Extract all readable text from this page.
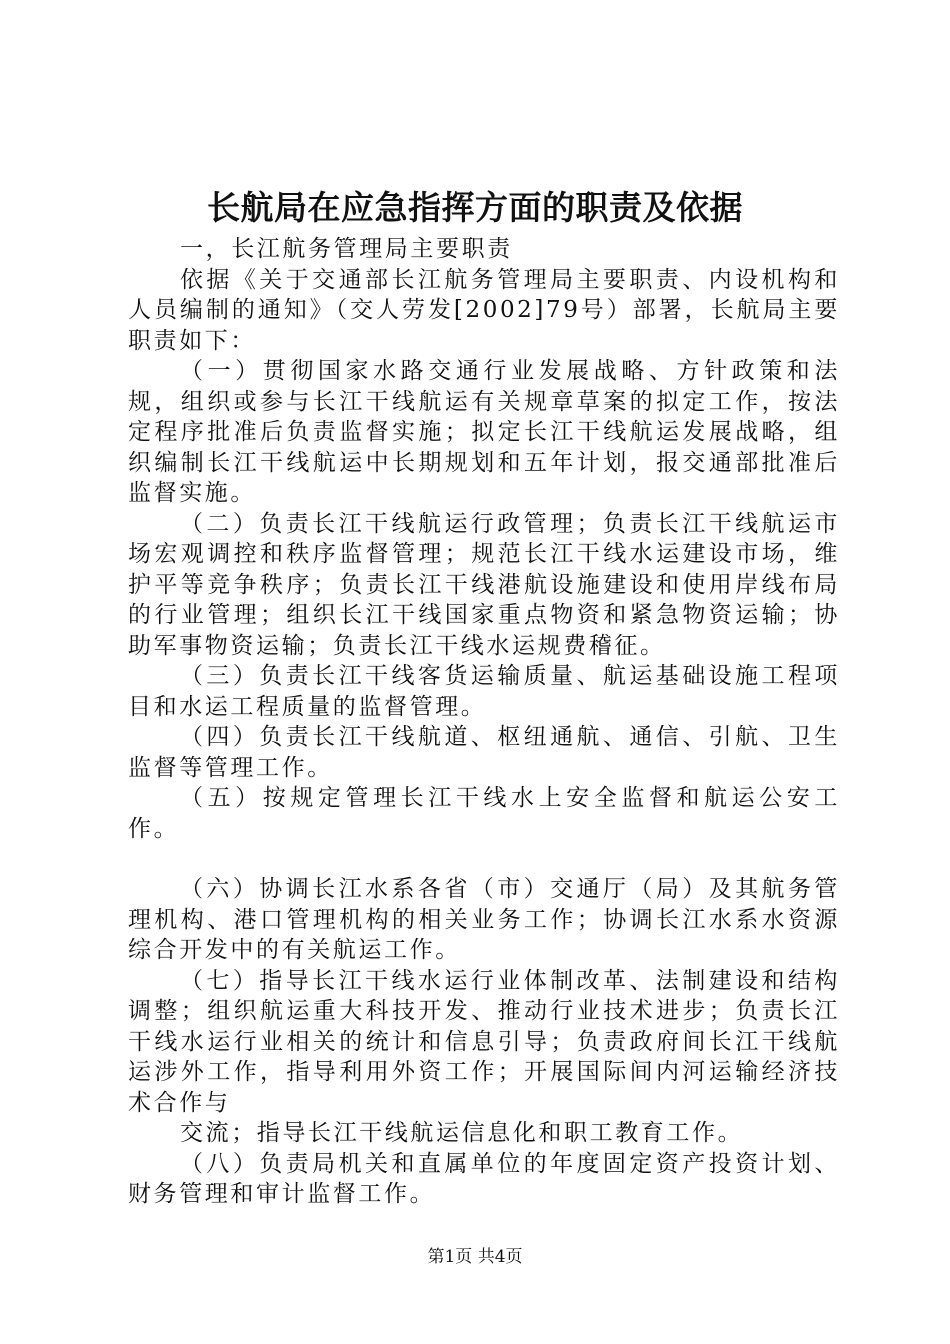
长航局在应急指挥方面的职责及依据

一，长江航务管理局主要职责

依据《关于交通部长江航务管理局主要职责、内设机构和人员编制的通知》（交人劳发[2002]79号）部署，长航局主要职责如下：

（一）贯彻国家水路交通行业发展战略、方针政策和法规，组织或参与长江干线航运有关规章草案的拟定工作，按法定程序批准后负责监督实施；拟定长江干线航运发展战略，组织编制长江干线航运中长期规划和五年计划，报交通部批准后监督实施。

（二）负责长江干线航运行政管理；负责长江干线航运市场宏观调控和秩序监督管理；规范长江干线水运建设市场，维护平等竞争秩序；负责长江干线港航设施建设和使用岸线布局的行业管理；组织长江干线国家重点物资和紧急物资运输；协助军事物资运输；负责长江干线水运规费稽征。

（三）负责长江干线客货运输质量、航运基础设施工程项目和水运工程质量的监督管理。

（四）负责长江干线航道、枢纽通航、通信、引航、卫生监督等管理工作。

（五）按规定管理长江干线水上安全监督和航运公安工作。

（六）协调长江水系各省（市）交通厅（局）及其航务管理机构、港口管理机构的相关业务工作；协调长江水系水资源综合开发中的有关航运工作。

（七）指导长江干线水运行业体制改革、法制建设和结构调整；组织航运重大科技开发、推动行业技术进步；负责长江干线水运行业相关的统计和信息引导；负责政府间长江干线航运涉外工作，指导利用外资工作；开展国际间内河运输经济技术合作与

交流；指导长江干线航运信息化和职工教育工作。

（八）负责局机关和直属单位的年度固定资产投资计划、财务管理和审计监督工作。

第1页 共4页
